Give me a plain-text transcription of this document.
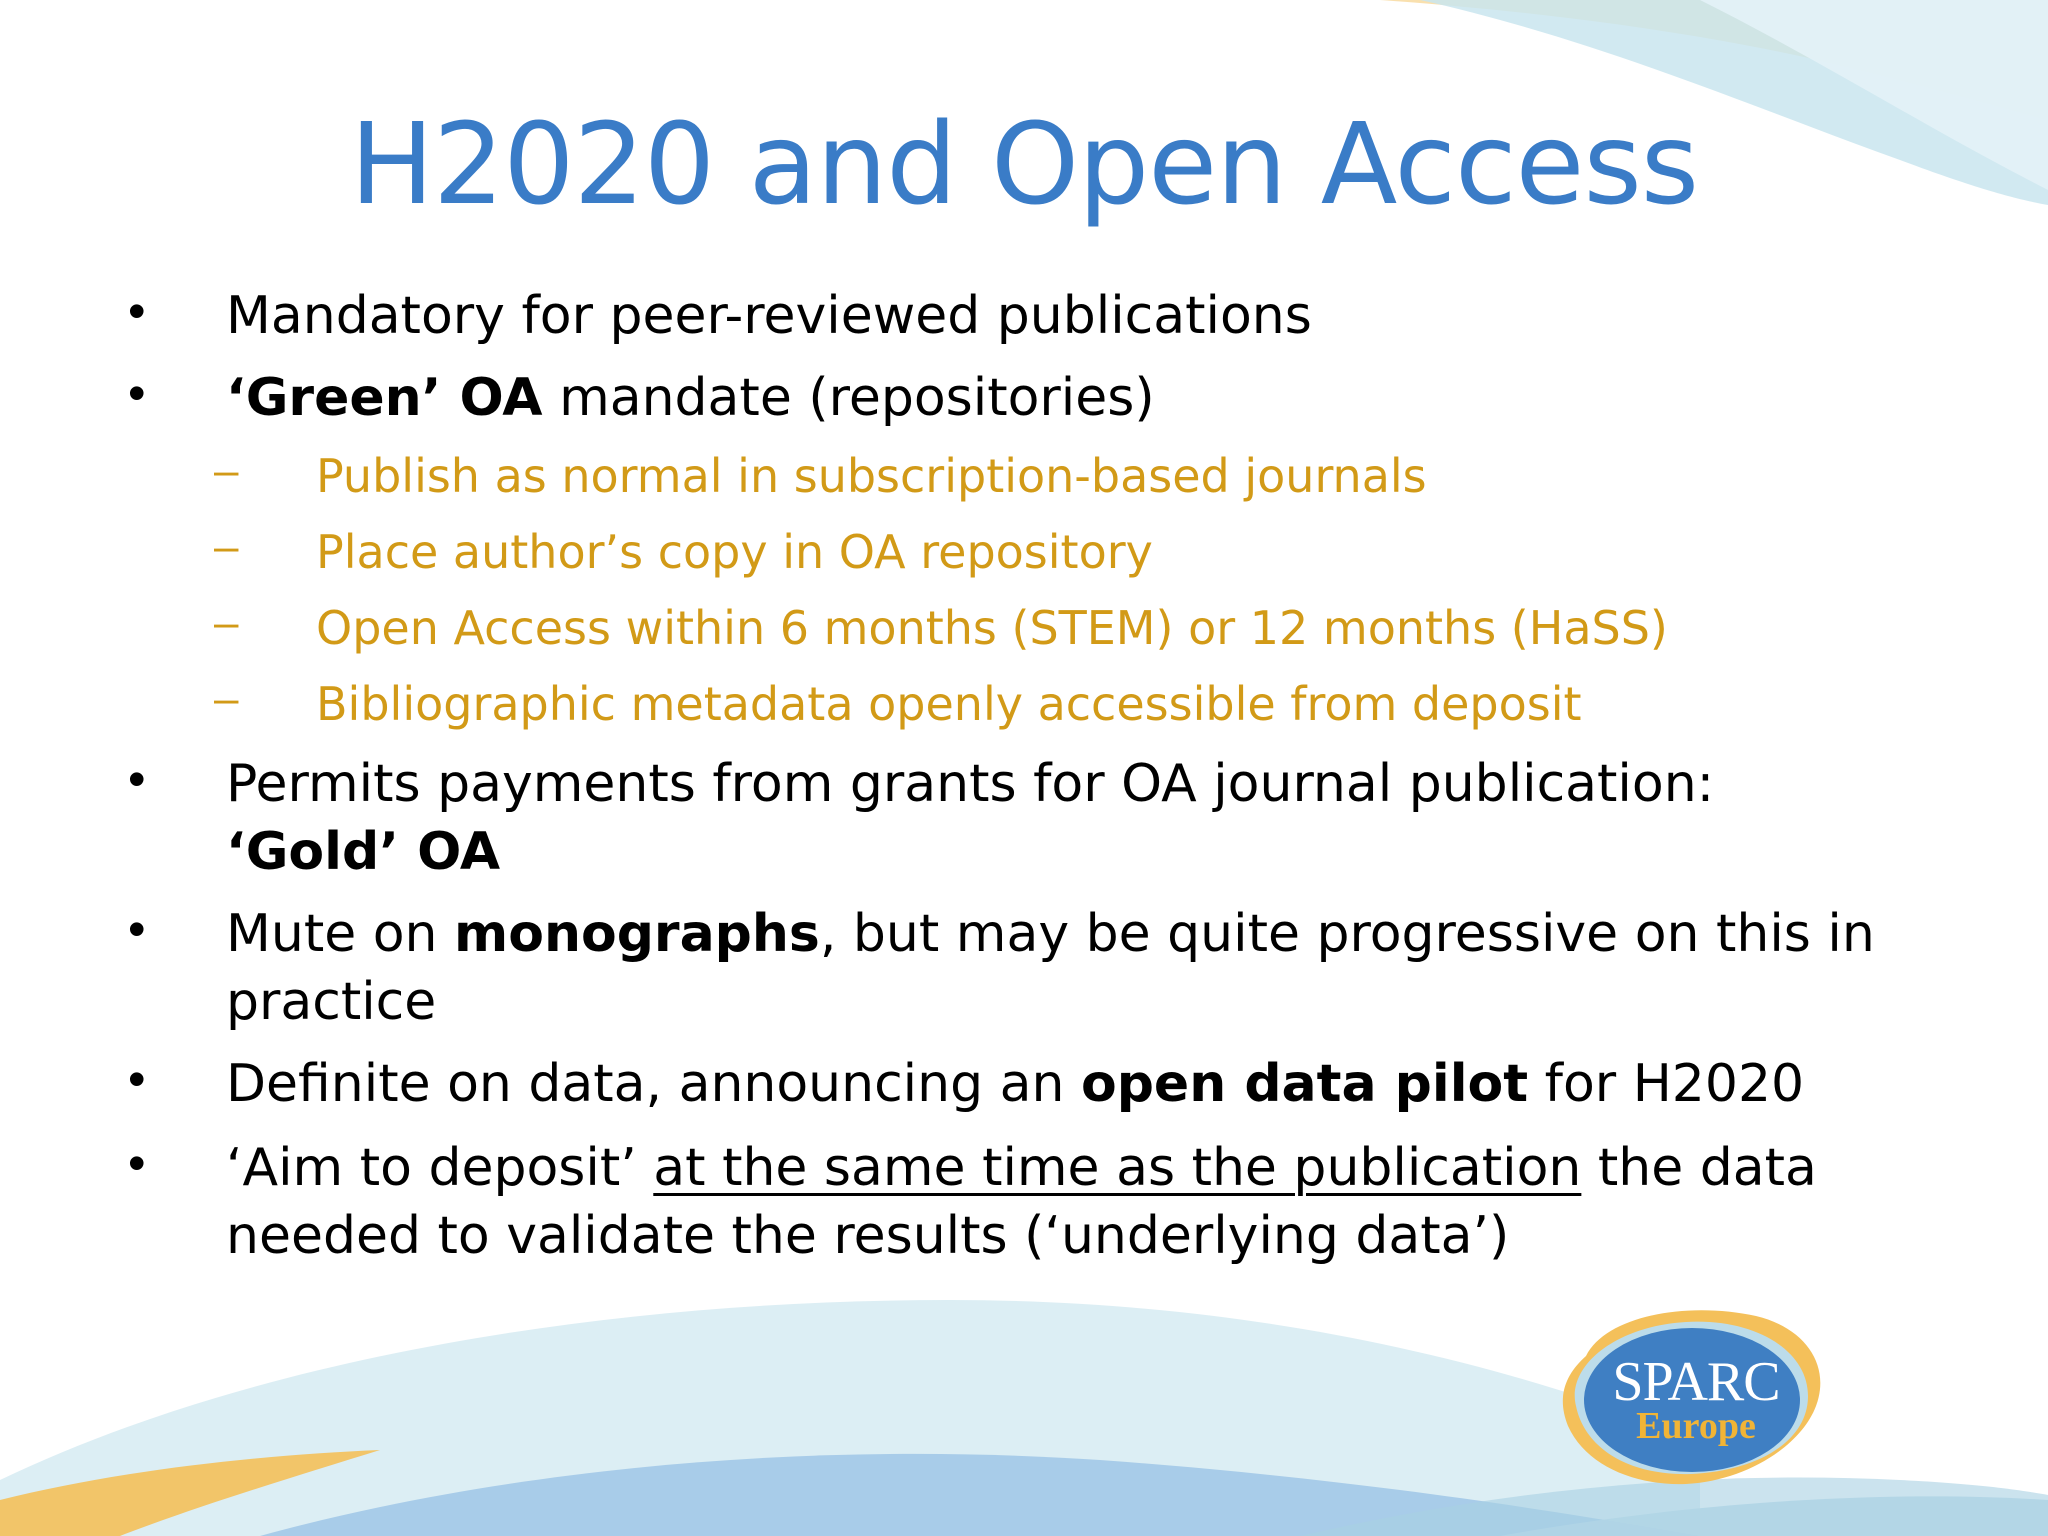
H2020 and Open Access
• Mandatory for peer-reviewed publications
• ‘Green’ OA mandate (repositories)
– Publish as normal in subscription-based journals
– Place author’s copy in OA repository
– Open Access within 6 months (STEM) or 12 months (HaSS)
– Bibliographic metadata openly accessible from deposit
• Permits payments from grants for OA journal publication: ‘Gold’ OA
• Mute on monographs, but may be quite progressive on this in practice
• Definite on data, announcing an open data pilot for H2020
• ‘Aim to deposit’ at the same time as the publication the data needed to validate the results (‘underlying data’)
SPARC
Europe
